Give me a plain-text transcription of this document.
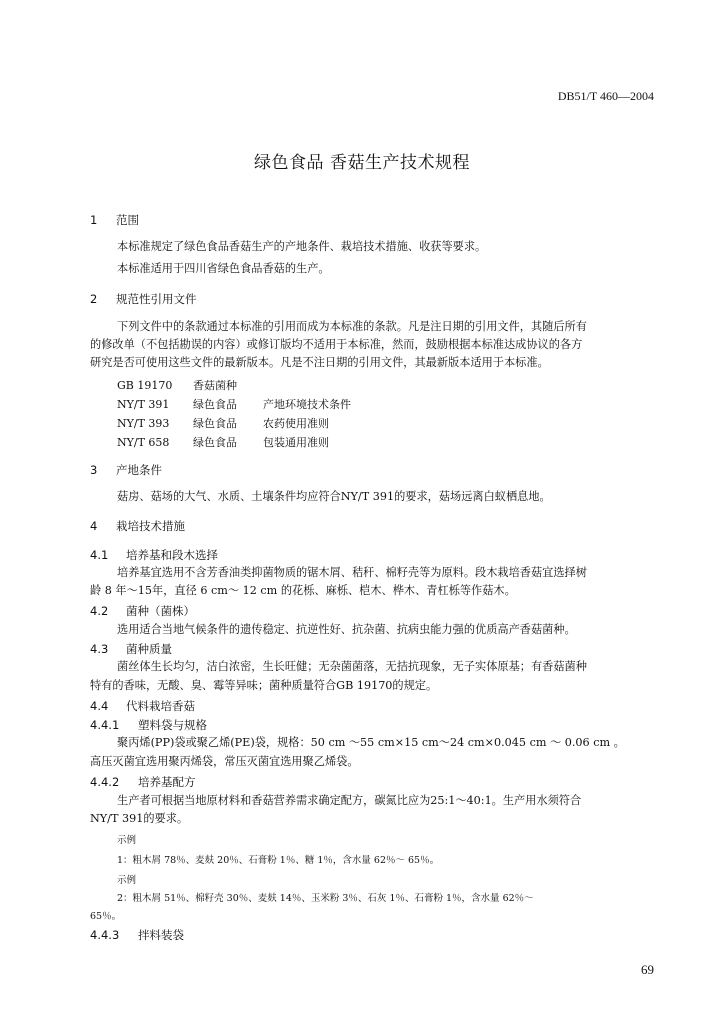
DB51/T 460—2004
绿色食品 香菇生产技术规程
1 范围
本标准规定了绿色食品香菇生产的产地条件、栽培技术措施、收获等要求。
本标准适用于四川省绿色食品香菇的生产。
2 规范性引用文件
下列文件中的条款通过本标准的引用而成为本标准的条款。凡是注日期的引用文件，其随后所有
的修改单（不包括勘误的内容）或修订版均不适用于本标准，然而，鼓励根据本标准达成协议的各方
研究是否可使用这些文件的最新版本。凡是不注日期的引用文件，其最新版本适用于本标准。
GB 19170 香菇菌种
NY/T 391 绿色食品 产地环境技术条件
NY/T 393 绿色食品 农药使用准则
NY/T 658 绿色食品 包装通用准则
3 产地条件
菇房、菇场的大气、水质、土壤条件均应符合NY/T 391的要求，菇场远离白蚁栖息地。
4 栽培技术措施
4.1 培养基和段木选择
培养基宜选用不含芳香油类抑菌物质的锯木屑、秸秆、棉籽壳等为原料。段木栽培香菇宜选择树
龄 8 年～15年，直径 6 cm～ 12 cm 的花栎、麻栎、桤木、桦木、青杠栎等作菇木。
4.2 菌种（菌株）
选用适合当地气候条件的遗传稳定、抗逆性好、抗杂菌、抗病虫能力强的优质高产香菇菌种。
4.3 菌种质量
菌丝体生长均匀，洁白浓密，生长旺健；无杂菌菌落，无拮抗现象，无子实体原基；有香菇菌种
特有的香味，无酸、臭、霉等异味；菌种质量符合GB 19170的规定。
4.4 代料栽培香菇
4.4.1 塑料袋与规格
聚丙烯(PP)袋或聚乙烯(PE)袋，规格：50 cm ～55 cm×15 cm～24 cm×0.045 cm ～ 0.06 cm 。
高压灭菌宜选用聚丙烯袋，常压灭菌宜选用聚乙烯袋。
4.4.2 培养基配方
生产者可根据当地原材料和香菇营养需求确定配方，碳氮比应为25:1～40:1。生产用水须符合
NY/T 391的要求。
示例
1：粗木屑 78％、麦麸 20％、石膏粉 1％、糖 1％，含水量 62％～ 65％。
示例
2：粗木屑 51％、棉籽壳 30％、麦麸 14％、玉米粉 3％、石灰 1％、石膏粉 1％，含水量 62％～
65％。
4.4.3 拌料装袋
69
